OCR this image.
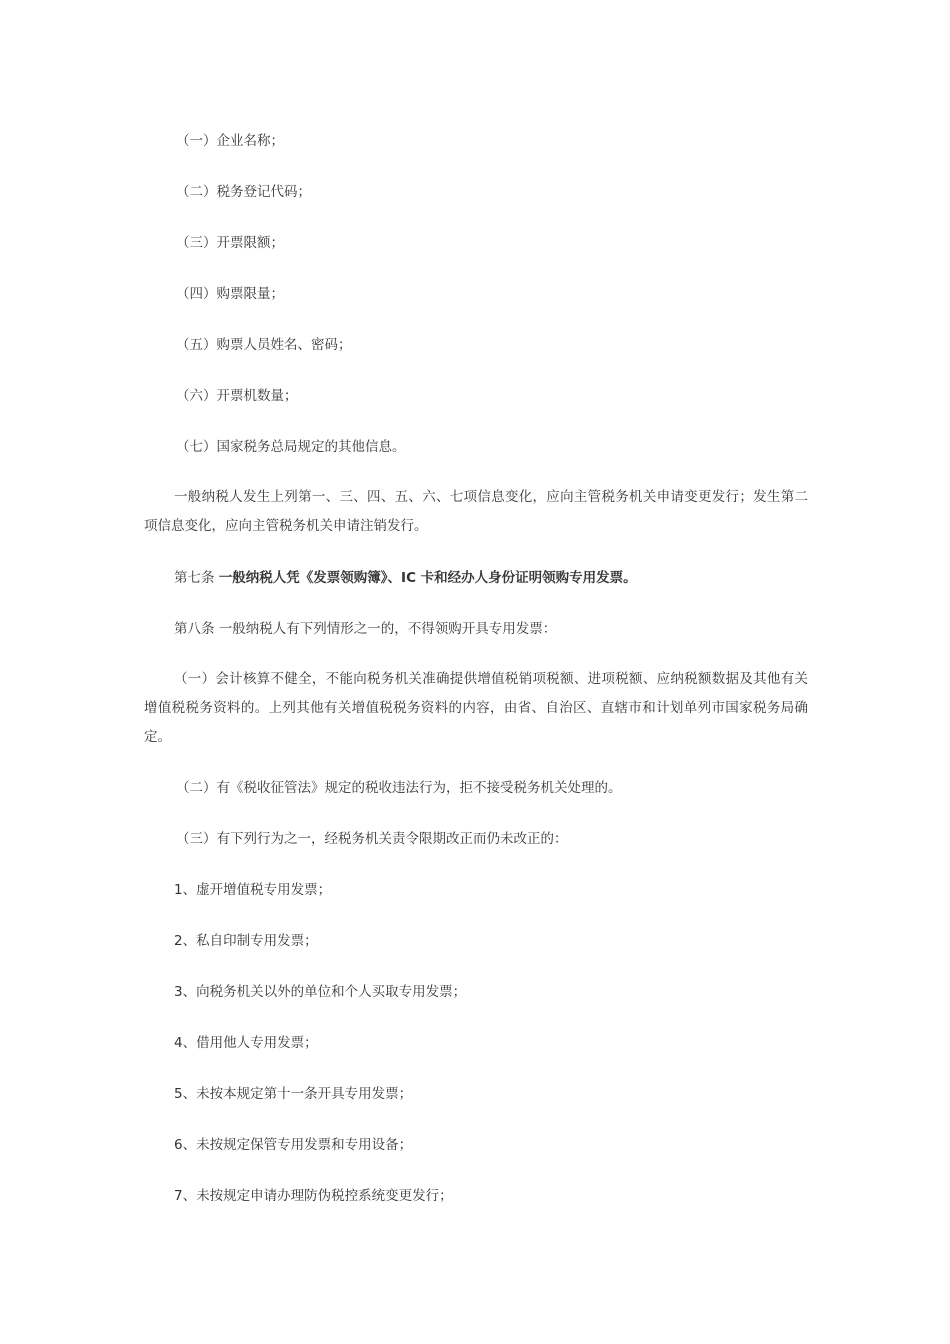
（一）企业名称；
（二）税务登记代码；
（三）开票限额；
（四）购票限量；
（五）购票人员姓名、密码；
（六）开票机数量；
（七）国家税务总局规定的其他信息。
一般纳税人发生上列第一、三、四、五、六、七项信息变化，应向主管税务机关申请变更发行；发生第二项信息变化，应向主管税务机关申请注销发行。
第七条 一般纳税人凭《发票领购簿》、IC 卡和经办人身份证明领购专用发票。
第八条 一般纳税人有下列情形之一的，不得领购开具专用发票：
（一）会计核算不健全，不能向税务机关准确提供增值税销项税额、进项税额、应纳税额数据及其他有关增值税税务资料的。上列其他有关增值税税务资料的内容，由省、自治区、直辖市和计划单列市国家税务局确定。
（二）有《税收征管法》规定的税收违法行为，拒不接受税务机关处理的。
（三）有下列行为之一，经税务机关责令限期改正而仍未改正的：
1、虚开增值税专用发票；
2、私自印制专用发票；
3、向税务机关以外的单位和个人买取专用发票；
4、借用他人专用发票；
5、未按本规定第十一条开具专用发票；
6、未按规定保管专用发票和专用设备；
7、未按规定申请办理防伪税控系统变更发行；
